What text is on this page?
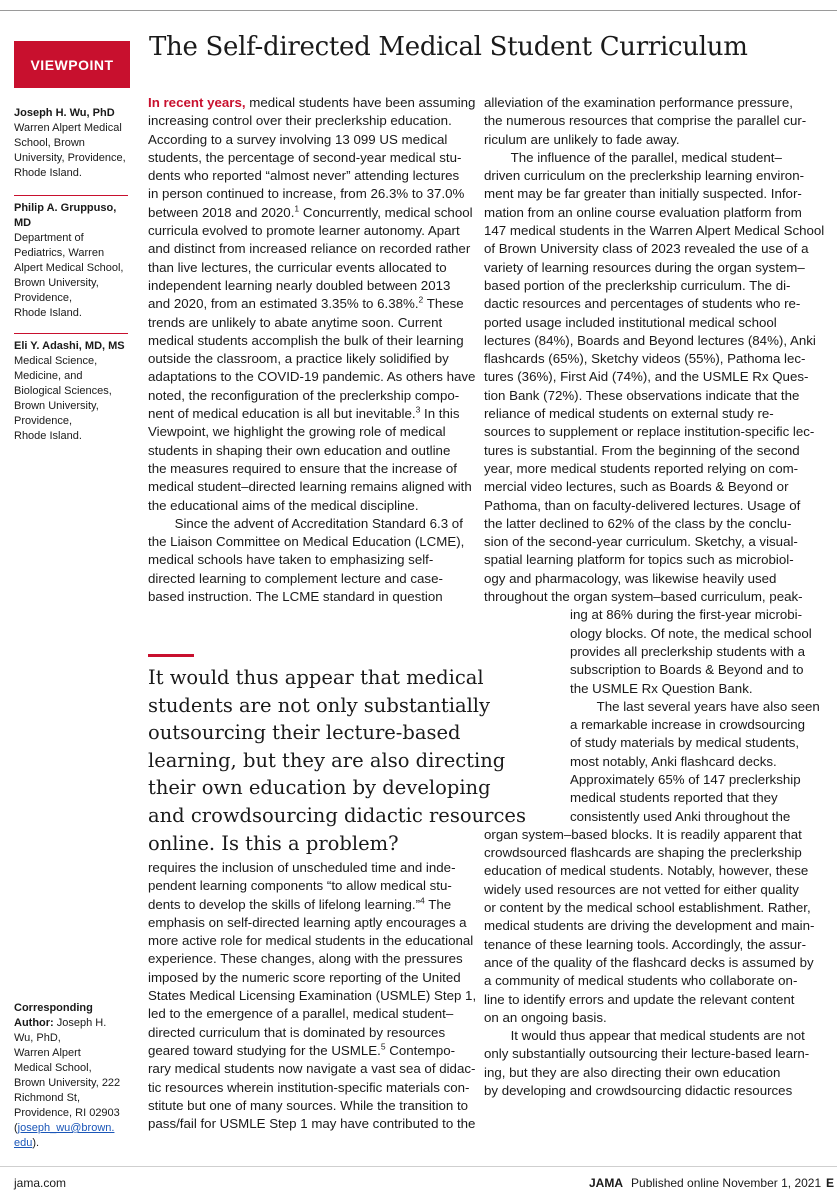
VIEWPOINT
The Self-directed Medical Student Curriculum
Joseph H. Wu, PhD
Warren Alpert Medical
School, Brown
University, Providence,
Rhode Island.
Philip A. Gruppuso,
MD
Department of
Pediatrics, Warren
Alpert Medical School,
Brown University,
Providence,
Rhode Island.
Eli Y. Adashi, MD, MS
Medical Science,
Medicine, and
Biological Sciences,
Brown University,
Providence,
Rhode Island.
In recent years, medical students have been assuming
increasing control over their preclerkship education.
According to a survey involving 13 099 US medical
students, the percentage of second-year medical stu-
dents who reported “almost never” attending lectures
in person continued to increase, from 26.3% to 37.0%
between 2018 and 2020.$^1$ Concurrently, medical school
curricula evolved to promote learner autonomy. Apart
and distinct from increased reliance on recorded rather
than live lectures, the curricular events allocated to
independent learning nearly doubled between 2013
and 2020, from an estimated 3.35% to 6.38%.$^2$ These
trends are unlikely to abate anytime soon. Current
medical students accomplish the bulk of their learning
outside the classroom, a practice likely solidified by
adaptations to the COVID-19 pandemic. As others have
noted, the reconfiguration of the preclerkship compo-
nent of medical education is all but inevitable.$^3$ In this
Viewpoint, we highlight the growing role of medical
students in shaping their own education and outline
the measures required to ensure that the increase of
medical student–directed learning remains aligned with
the educational aims of the medical discipline.
  Since the advent of Accreditation Standard 6.3 of
the Liaison Committee on Medical Education (LCME),
medical schools have taken to emphasizing self-
directed learning to complement lecture and case-
based instruction. The LCME standard in question
It would thus appear that medical
students are not only substantially
outsourcing their lecture-based
learning, but they are also directing
their own education by developing
and crowdsourcing didactic resources
online. Is this a problem?
requires the inclusion of unscheduled time and inde-
pendent learning components “to allow medical stu-
dents to develop the skills of lifelong learning.”$^4$ The
emphasis on self-directed learning aptly encourages a
more active role for medical students in the educational
experience. These changes, along with the pressures
imposed by the numeric score reporting of the United
States Medical Licensing Examination (USMLE) Step 1,
led to the emergence of a parallel, medical student–
directed curriculum that is dominated by resources
geared toward studying for the USMLE.$^5$ Contempo-
rary medical students now navigate a vast sea of didac-
tic resources wherein institution-specific materials con-
stitute but one of many sources. While the transition to
pass/fail for USMLE Step 1 may have contributed to the
alleviation of the examination performance pressure,
the numerous resources that comprise the parallel cur-
riculum are unlikely to fade away.
  The influence of the parallel, medical student–
driven curriculum on the preclerkship learning environ-
ment may be far greater than initially suspected. Infor-
mation from an online course evaluation platform from
147 medical students in the Warren Alpert Medical School
of Brown University class of 2023 revealed the use of a
variety of learning resources during the organ system–
based portion of the preclerkship curriculum. The di-
dactic resources and percentages of students who re-
ported usage included institutional medical school
lectures (84%), Boards and Beyond lectures (84%), Anki
flashcards (65%), Sketchy videos (55%), Pathoma lec-
tures (36%), First Aid (74%), and the USMLE Rx Ques-
tion Bank (72%). These observations indicate that the
reliance of medical students on external study re-
sources to supplement or replace institution-specific lec-
tures is substantial. From the beginning of the second
year, more medical students reported relying on com-
mercial video lectures, such as Boards & Beyond or
Pathoma, than on faculty-delivered lectures. Usage of
the latter declined to 62% of the class by the conclu-
sion of the second-year curriculum. Sketchy, a visual-
spatial learning platform for topics such as microbiol-
ogy and pharmacology, was likewise heavily used
throughout the organ system–based curriculum, peak-
ing at 86% during the first-year microbi-
ology blocks. Of note, the medical school
provides all preclerkship students with a
subscription to Boards & Beyond and to
the USMLE Rx Question Bank.
  The last several years have also seen
a remarkable increase in crowdsourcing
of study materials by medical students,
most notably, Anki flashcard decks.
Approximately 65% of 147 preclerkship
medical students reported that they
consistently used Anki throughout the
organ system–based blocks. It is readily apparent that
crowdsourced flashcards are shaping the preclerkship
education of medical students. Notably, however, these
widely used resources are not vetted for either quality
or content by the medical school establishment. Rather,
medical students are driving the development and main-
tenance of these learning tools. Accordingly, the assur-
ance of the quality of the flashcard decks is assumed by
a community of medical students who collaborate on-
line to identify errors and update the relevant content
on an ongoing basis.
  It would thus appear that medical students are not
only substantially outsourcing their lecture-based learn-
ing, but they are also directing their own education
by developing and crowdsourcing didactic resources
Corresponding
Author: Joseph H.
Wu, PhD,
Warren Alpert
Medical School,
Brown University, 222
Richmond St,
Providence, RI 02903
(joseph_wu@brown.
edu).
jama.com	JAMA Published online November 1, 2021 E
